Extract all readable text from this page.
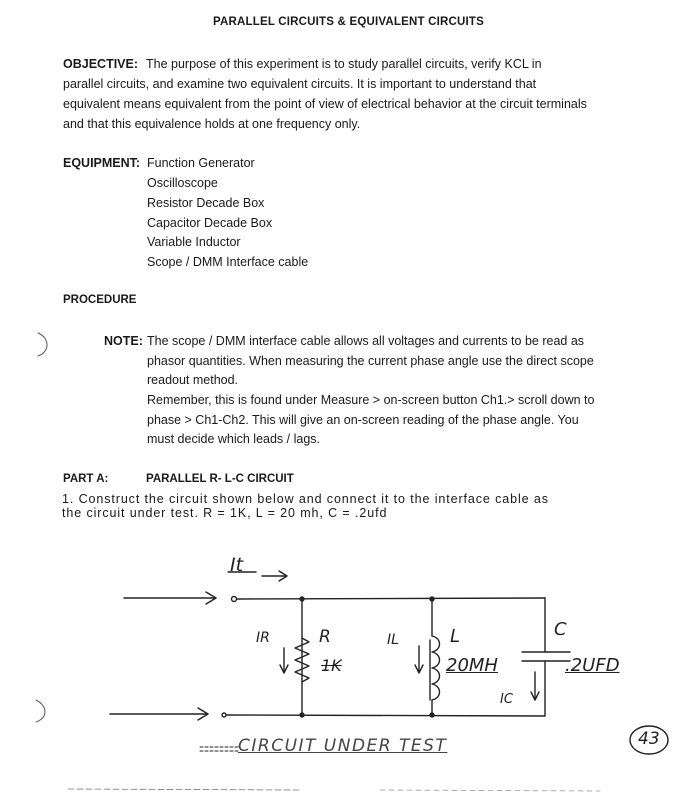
PARALLEL CIRCUITS & EQUIVALENT CIRCUITS
OBJECTIVE: The purpose of this experiment is to study parallel circuits, verify KCL in
parallel circuits, and examine two equivalent circuits. It is important to understand that
equivalent means equivalent from the point of view of electrical behavior at the circuit terminals
and that this equivalence holds at one frequency only.
EQUIPMENT: Function Generator
Oscilloscope
Resistor Decade Box
Capacitor Decade Box
Variable Inductor
Scope / DMM Interface cable
PROCEDURE
NOTE: The scope / DMM interface cable allows all voltages and currents to be read as
phasor quantities. When measuring the current phase angle use the direct scope
readout method.
Remember, this is found under Measure > on-screen button Ch1.> scroll down to
phase > Ch1-Ch2. This will give an on-screen reading of the phase angle. You
must decide which leads / lags.
PART A:	PARALLEL R- L-C CIRCUIT
1. Construct the circuit shown below and connect it to the interface cable as
the circuit under test. R = 1K, L = 20 mh, C = .2ufd
It
IR	R
1K
IL	L
20MH
C
.2UFD
IC
CIRCUIT UNDER TEST	43
